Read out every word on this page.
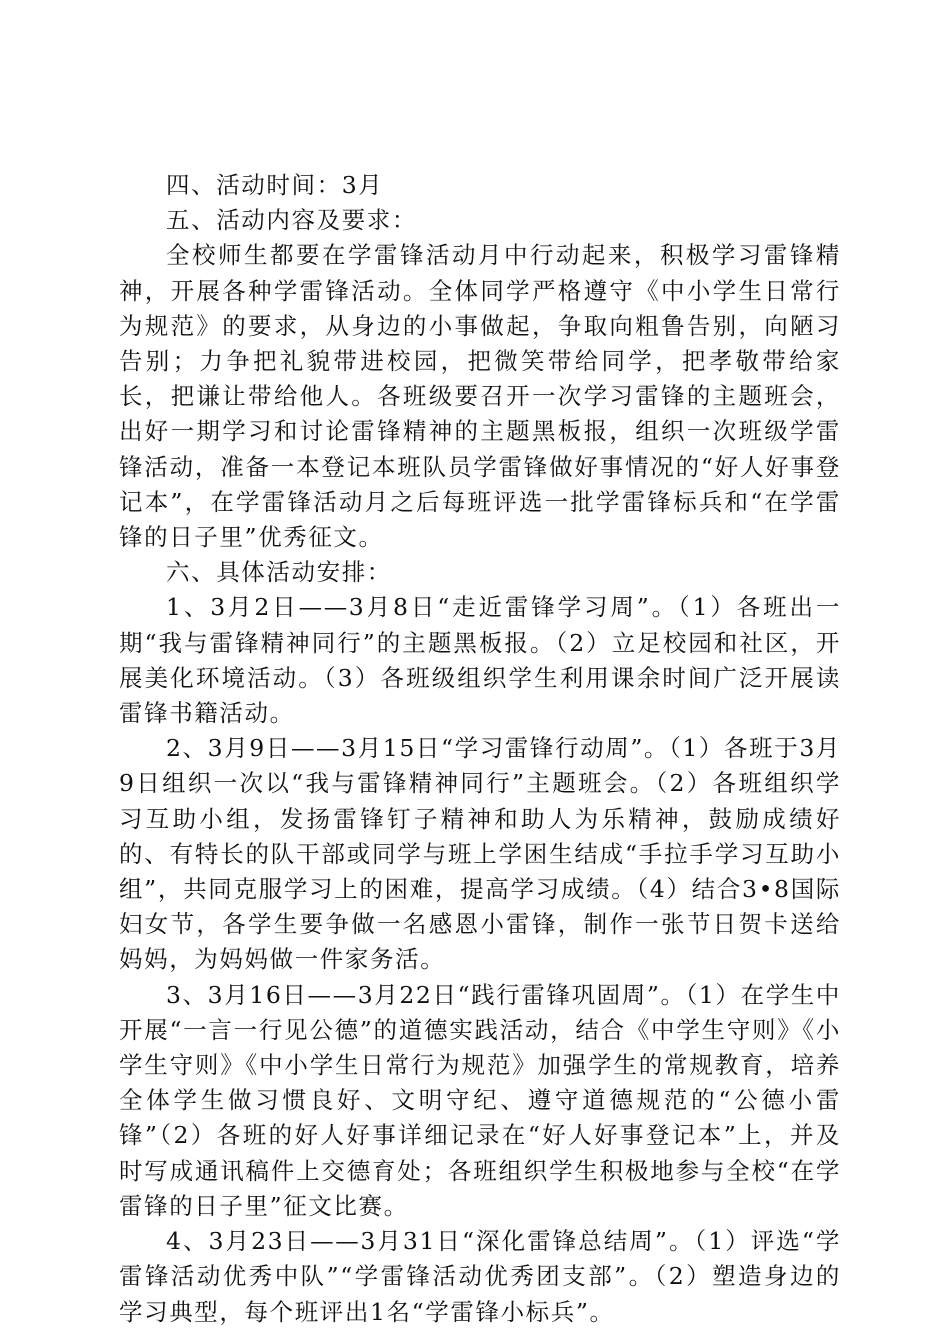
四、活动时间：3月

五、活动内容及要求：

全校师生都要在学雷锋活动月中行动起来，积极学习雷锋精神，开展各种学雷锋活动。全体同学严格遵守《中小学生日常行为规范》的要求，从身边的小事做起，争取向粗鲁告别，向陋习告别；力争把礼貌带进校园，把微笑带给同学，把孝敬带给家长，把谦让带给他人。各班级要召开一次学习雷锋的主题班会，出好一期学习和讨论雷锋精神的主题黑板报，组织一次班级学雷锋活动，准备一本登记本班队员学雷锋做好事情况的“好人好事登记本”，在学雷锋活动月之后每班评选一批学雷锋标兵和“在学雷锋的日子里”优秀征文。

六、具体活动安排：

1、3月2日——3月8日“走近雷锋学习周”。（1）各班出一期“我与雷锋精神同行”的主题黑板报。（2）立足校园和社区，开展美化环境活动。（3）各班级组织学生利用课余时间广泛开展读雷锋书籍活动。

2、3月9日——3月15日“学习雷锋行动周”。（1）各班于3月9日组织一次以“我与雷锋精神同行”主题班会。（2）各班组织学习互助小组，发扬雷锋钉子精神和助人为乐精神，鼓励成绩好的、有特长的队干部或同学与班上学困生结成“手拉手学习互助小组”，共同克服学习上的困难，提高学习成绩。（4）结合3•8国际妇女节，各学生要争做一名感恩小雷锋，制作一张节日贺卡送给妈妈，为妈妈做一件家务活。

3、3月16日——3月22日“践行雷锋巩固周”。（1）在学生中开展“一言一行见公德”的道德实践活动，结合《中学生守则》《小学生守则》《中小学生日常行为规范》加强学生的常规教育，培养全体学生做习惯良好、文明守纪、遵守道德规范的“公德小雷锋”（2）各班的好人好事详细记录在“好人好事登记本”上，并及时写成通讯稿件上交德育处；各班组织学生积极地参与全校“在学雷锋的日子里”征文比赛。

4、3月23日——3月31日“深化雷锋总结周”。（1）评选“学雷锋活动优秀中队”“学雷锋活动优秀团支部”。（2）塑造身边的学习典型，每个班评出1名“学雷锋小标兵”。
